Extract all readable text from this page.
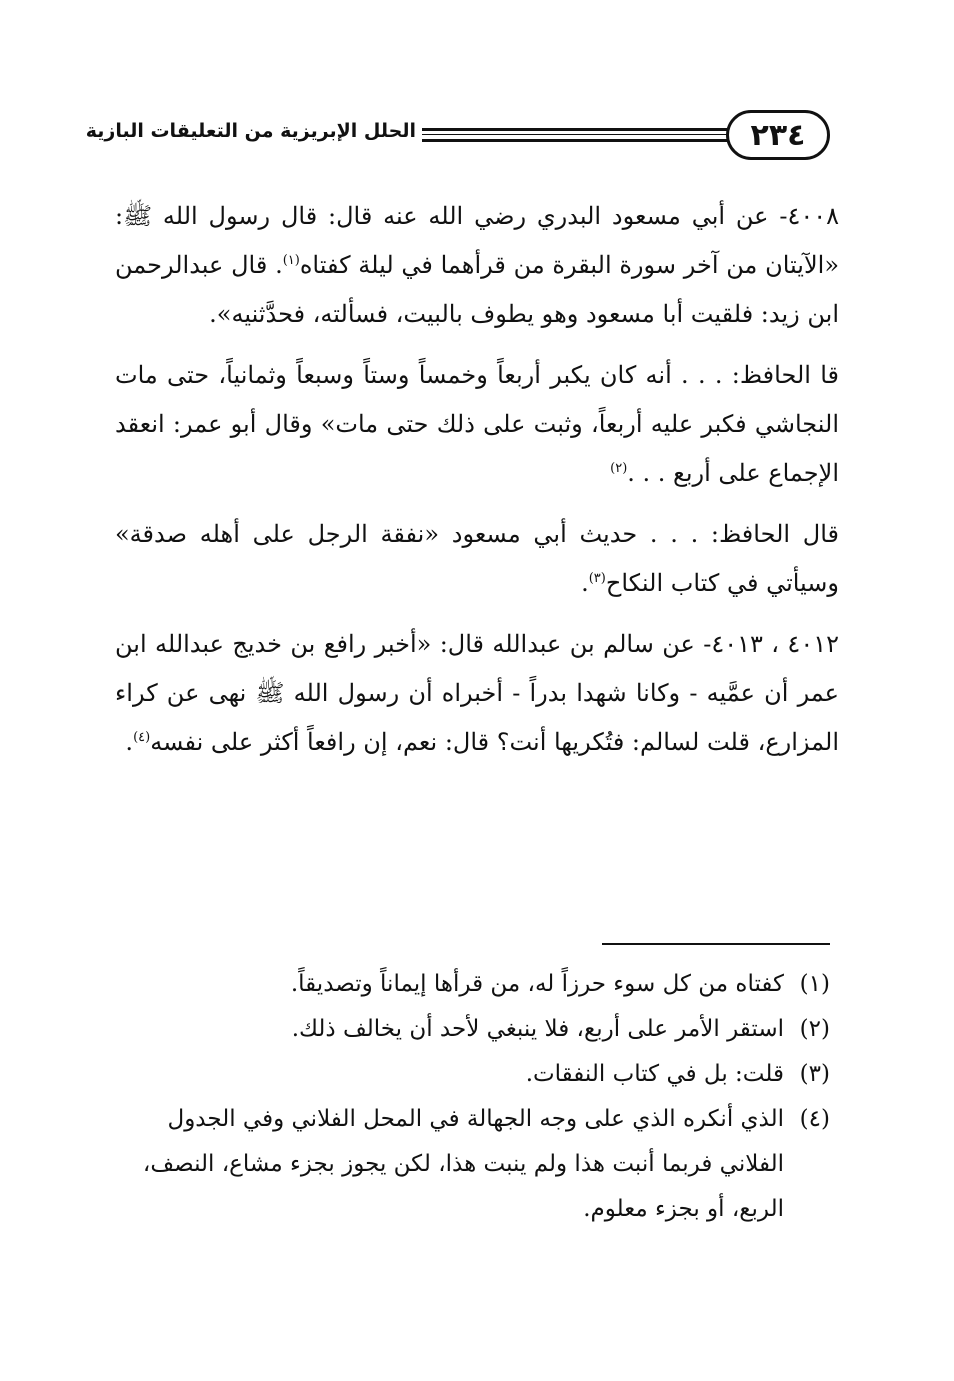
٢٣٤
الحلل الإبريزية من التعليقات البازية

٤٠٠٨- عن أبي مسعود البدري رضي الله عنه قال: قال رسول الله ﷺ: «الآيتان من آخر سورة البقرة من قرأهما في ليلة كفتاه$^{(١)}$. قال عبدالرحمن ابن زيد: فلقيت أبا مسعود وهو يطوف بالبيت، فسألته، فحدَّثنيه».

قا الحافظ: . . . أنه كان يكبر أربعاً وخمساً وستاً وسبعاً وثمانياً، حتى مات النجاشي فكبر عليه أربعاً، وثبت على ذلك حتى مات» وقال أبو عمر: انعقد الإجماع على أربع . . .$^{(٢)}$

قال الحافظ: . . . حديث أبي مسعود «نفقة الرجل على أهله صدقة» وسيأتي في كتاب النكاح$^{(٣)}$.

٤٠١٢ ، ٤٠١٣- عن سالم بن عبدالله قال: «أخبر رافع بن خديج عبدالله ابن عمر أن عمَّيه - وكانا شهدا بدراً - أخبراه أن رسول الله ﷺ نهى عن كراء المزارع، قلت لسالم: فتُكريها أنت؟ قال: نعم، إن رافعاً أكثر على نفسه$^{(٤)}$.

(١)كفتاه من كل سوء حرزاً له، من قرأها إيماناً وتصديقاً.

(٢)استقر الأمر على أربع، فلا ينبغي لأحد أن يخالف ذلك.

(٣)قلت: بل في كتاب النفقات.

(٤)الذي أنكره الذي على وجه الجهالة في المحل الفلاني وفي الجدول الفلاني فربما أنبت هذا ولم ينبت هذا، لكن يجوز بجزء مشاع، النصف، الربع، أو بجزء معلوم.
